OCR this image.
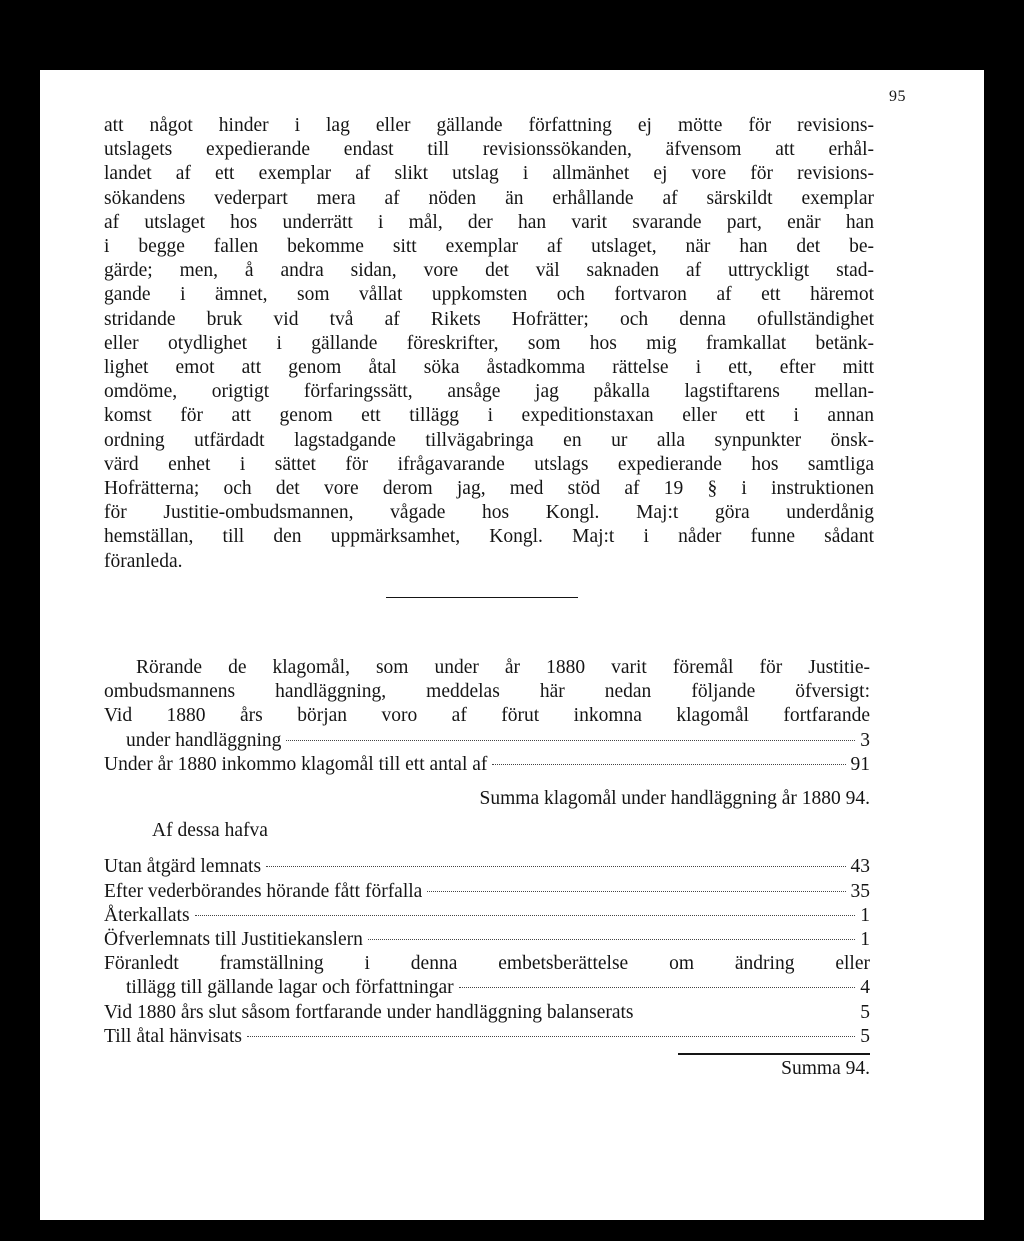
95
att något hinder i lag eller gällande författning ej mötte för revisions-
utslagets expedierande endast till revisionssökanden, äfvensom att erhål-
landet af ett exemplar af slikt utslag i allmänhet ej vore för revisions-
sökandens vederpart mera af nöden än erhållande af särskildt exemplar
af utslaget hos underrätt i mål, der han varit svarande part, enär han
i begge fallen bekomme sitt exemplar af utslaget, när han det be-
gärde; men, å andra sidan, vore det väl saknaden af uttryckligt stad-
gande i ämnet, som vållat uppkomsten och fortvaron af ett häremot
stridande bruk vid två af Rikets Hofrätter; och denna ofullständighet
eller otydlighet i gällande föreskrifter, som hos mig framkallat betänk-
lighet emot att genom åtal söka åstadkomma rättelse i ett, efter mitt
omdöme, origtigt förfaringssätt, ansåge jag påkalla lagstiftarens mellan-
komst för att genom ett tillägg i expeditionstaxan eller ett i annan
ordning utfärdadt lagstadgande tillvägabringa en ur alla synpunkter önsk-
värd enhet i sättet för ifrågavarande utslags expedierande hos samtliga
Hofrätterna; och det vore derom jag, med stöd af 19 § i instruktionen
för Justitie-ombudsmannen, vågade hos Kongl. Maj:t göra underdånig
hemställan, till den uppmärksamhet, Kongl. Maj:t i nåder funne sådant
föranleda.
Rörande de klagomål, som under år 1880 varit föremål för Justitie-
ombudsmannens handläggning, meddelas här nedan följande öfversigt:
Vid 1880 års början voro af förut inkomna klagomål fortfarande
under handläggning	3
Under år 1880 inkommo klagomål till ett antal af	91
Summa klagomål under handläggning år 1880 94.
Af dessa hafva
Utan åtgärd lemnats	43
Efter vederbörandes hörande fått förfalla	35
Återkallats	1
Öfverlemnats till Justitiekanslern	1
Föranledt framställning i denna embetsberättelse om ändring eller
tillägg till gällande lagar och författningar	4
Vid 1880 års slut såsom fortfarande under handläggning balanserats	5
Till åtal hänvisats	5
Summa 94.
